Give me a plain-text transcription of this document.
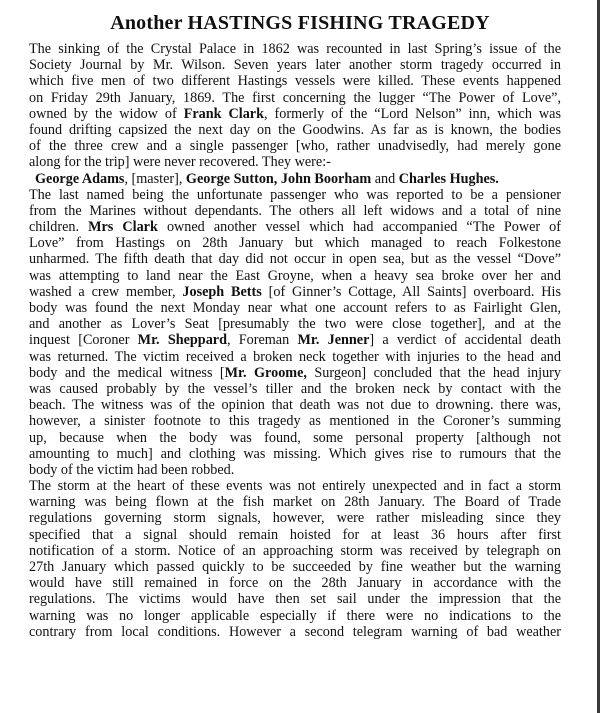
Another HASTINGS FISHING TRAGEDY
The sinking of the Crystal Palace in 1862 was recounted in last Spring’s issue of the
Society Journal by Mr. Wilson. Seven years later another storm tragedy occurred in
which five men of two different Hastings vessels were killed. These events happened
on Friday 29th January, 1869. The first concerning the lugger “The Power of Love”,
owned by the widow of Frank Clark, formerly of the “Lord Nelson” inn, which was
found drifting capsized the next day on the Goodwins. As far as is known, the bodies
of the three crew and a single passenger [who, rather unadvisedly, had merely gone
along for the trip] were never recovered. They were:-
George Adams, [master], George Sutton, John Boorham and Charles Hughes.
The last named being the unfortunate passenger who was reported to be a pensioner
from the Marines without dependants. The others all left widows and a total of nine
children. Mrs Clark owned another vessel which had accompanied “The Power of
Love” from Hastings on 28th January but which managed to reach Folkestone
unharmed. The fifth death that day did not occur in open sea, but as the vessel “Dove”
was attempting to land near the East Groyne, when a heavy sea broke over her and
washed a crew member, Joseph Betts [of Ginner’s Cottage, All Saints] overboard. His
body was found the next Monday near what one account refers to as Fairlight Glen,
and another as Lover’s Seat [presumably the two were close together], and at the
inquest [Coroner Mr. Sheppard, Foreman Mr. Jenner] a verdict of accidental death
was returned. The victim received a broken neck together with injuries to the head and
body and the medical witness [Mr. Groome, Surgeon] concluded that the head injury
was caused probably by the vessel’s tiller and the broken neck by contact with the
beach. The witness was of the opinion that death was not due to drowning. there was,
however, a sinister footnote to this tragedy as mentioned in the Coroner’s summing
up, because when the body was found, some personal property [although not
amounting to much] and clothing was missing. Which gives rise to rumours that the
body of the victim had been robbed.
The storm at the heart of these events was not entirely unexpected and in fact a storm
warning was being flown at the fish market on 28th January. The Board of Trade
regulations governing storm signals, however, were rather misleading since they
specified that a signal should remain hoisted for at least 36 hours after first
notification of a storm. Notice of an approaching storm was received by telegraph on
27th January which passed quickly to be succeeded by fine weather but the warning
would have still remained in force on the 28th January in accordance with the
regulations. The victims would have then set sail under the impression that the
warning was no longer applicable especially if there were no indications to the
contrary from local conditions. However a second telegram warning of bad weather
